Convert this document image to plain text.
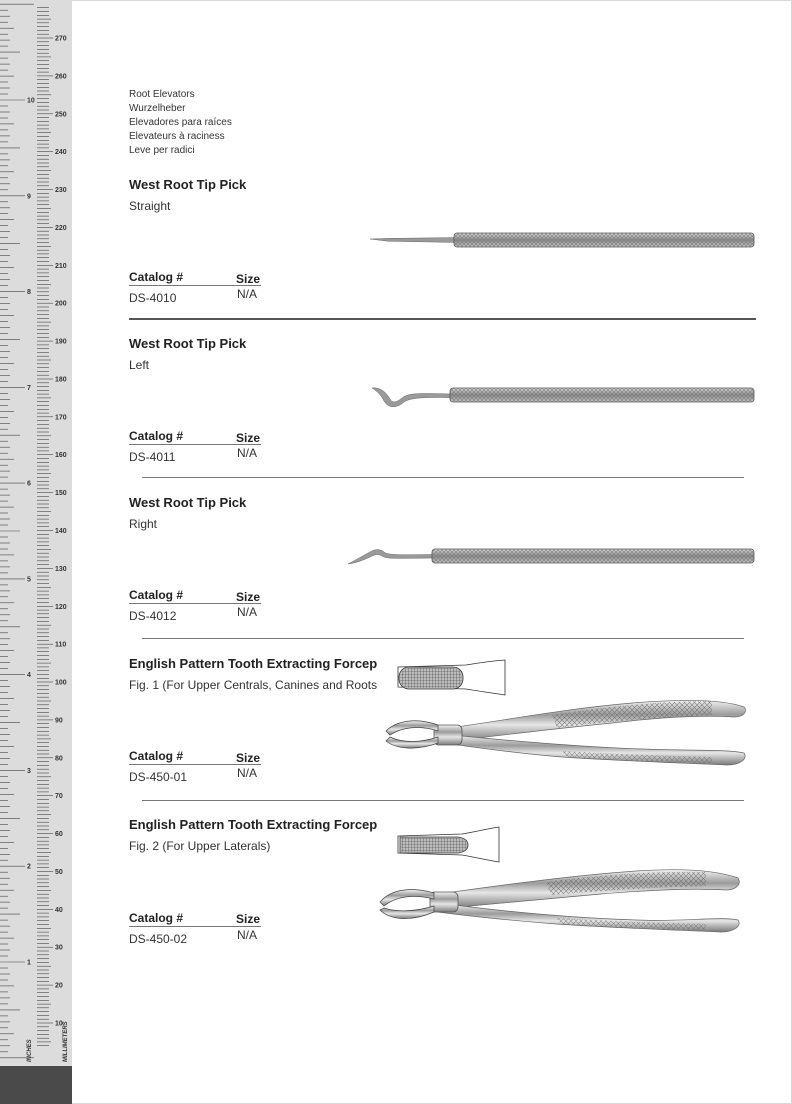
270
260
250
240
230
220
210
200
190
180
170
160
150
140
130
120
110
100
90
80
70
60
50
40
30
20
10
10
9
8
7
6
5
4
3
2
1
INCHES	MILLIMETERS
Root Elevators
Wurzelheber
Elevadores para raíces
Elevateurs à raciness
Leve per radici
West Root Tip Pick
Straight
Catalog #	Size
DS-4010	N/A
West Root Tip Pick
Left
Catalog #	Size
DS-4011	N/A
West Root Tip Pick
Right
Catalog #	Size
DS-4012	N/A
English Pattern Tooth Extracting Forcep
Fig. 1 (For Upper Centrals, Canines and Roots
Catalog #	Size
DS-450-01	N/A
English Pattern Tooth Extracting Forcep
Fig. 2 (For Upper Laterals)
Catalog #	Size
DS-450-02	N/A
